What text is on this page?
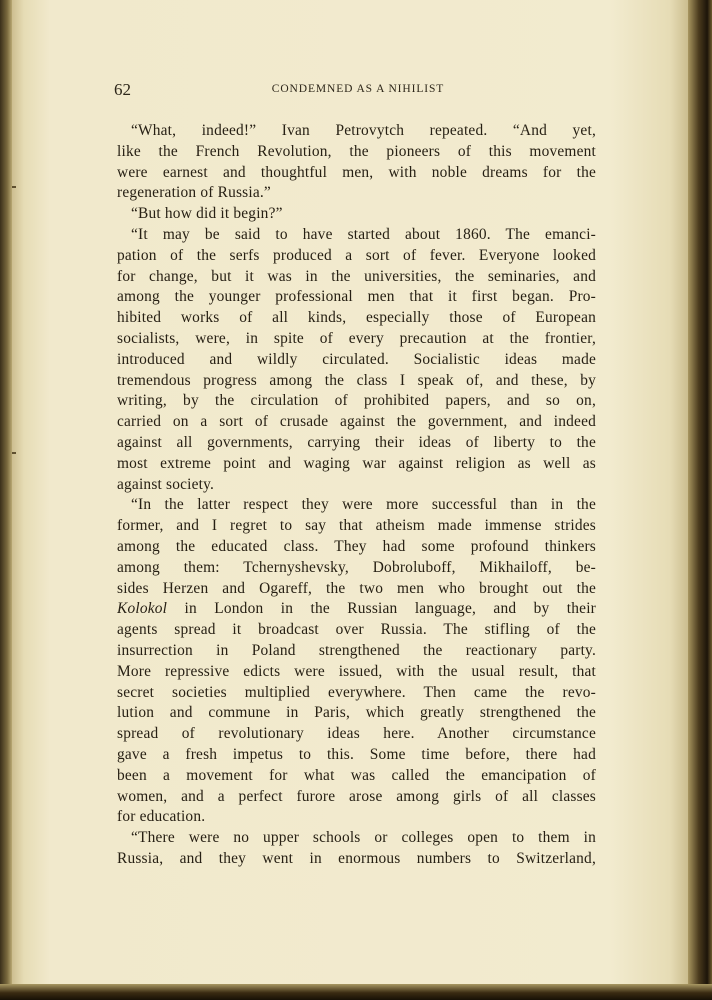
62	CONDEMNED AS A NIHILIST
“What, indeed!” Ivan Petrovytch repeated. “And yet,
like the French Revolution, the pioneers of this movement
were earnest and thoughtful men, with noble dreams for the
regeneration of Russia.”
“But how did it begin?”
“It may be said to have started about 1860. The emanci-
pation of the serfs produced a sort of fever. Everyone looked
for change, but it was in the universities, the seminaries, and
among the younger professional men that it first began. Pro-
hibited works of all kinds, especially those of European
socialists, were, in spite of every precaution at the frontier,
introduced and wildly circulated. Socialistic ideas made
tremendous progress among the class I speak of, and these, by
writing, by the circulation of prohibited papers, and so on,
carried on a sort of crusade against the government, and indeed
against all governments, carrying their ideas of liberty to the
most extreme point and waging war against religion as well as
against society.
“In the latter respect they were more successful than in the
former, and I regret to say that atheism made immense strides
among the educated class. They had some profound thinkers
among them: Tchernyshevsky, Dobroluboff, Mikhailoff, be-
sides Herzen and Ogareff, the two men who brought out the
Kolokol in London in the Russian language, and by their
agents spread it broadcast over Russia. The stifling of the
insurrection in Poland strengthened the reactionary party.
More repressive edicts were issued, with the usual result, that
secret societies multiplied everywhere. Then came the revo-
lution and commune in Paris, which greatly strengthened the
spread of revolutionary ideas here. Another circumstance
gave a fresh impetus to this. Some time before, there had
been a movement for what was called the emancipation of
women, and a perfect furore arose among girls of all classes
for education.
“There were no upper schools or colleges open to them in
Russia, and they went in enormous numbers to Switzerland,
